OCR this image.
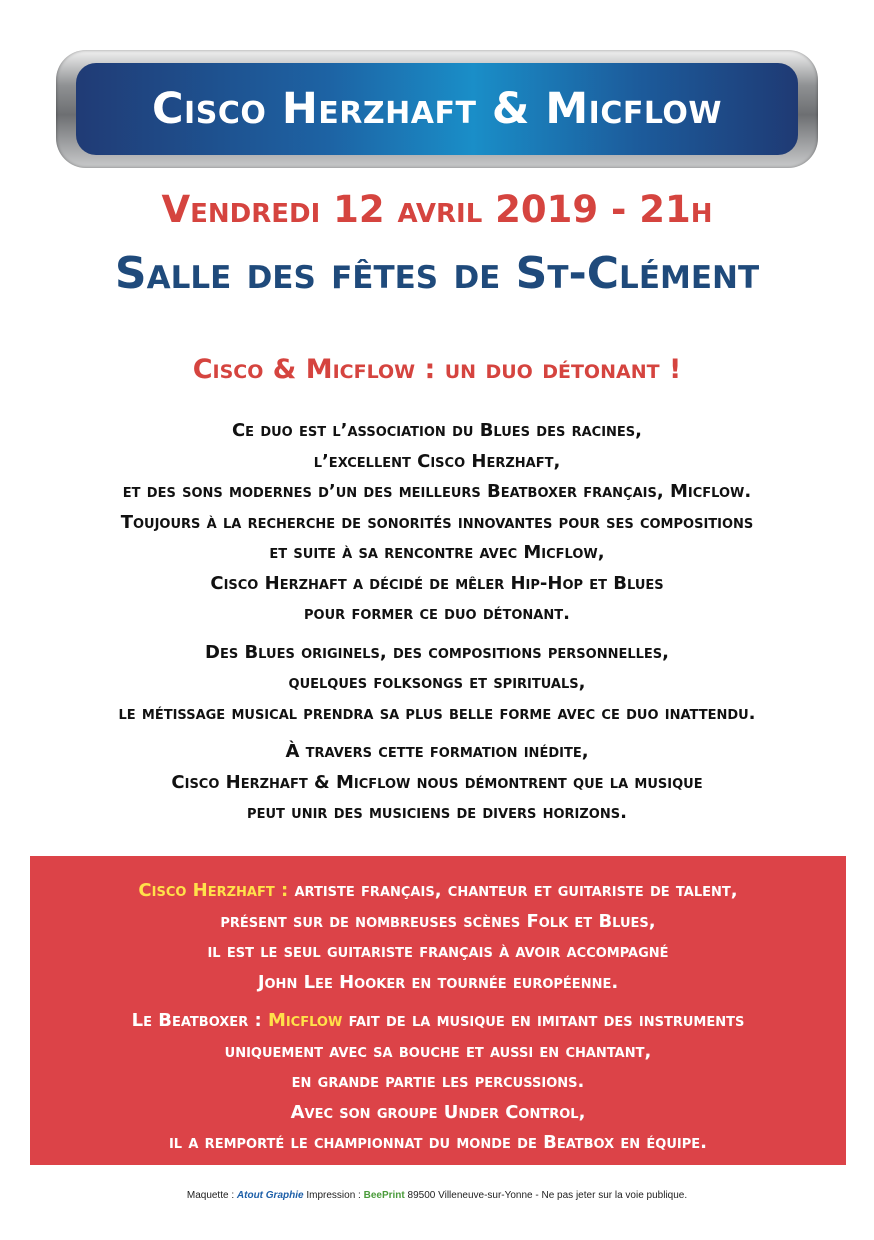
Cisco Herzhaft & Micflow
Vendredi 12 avril 2019 - 21h
Salle des fêtes de St-Clément
Cisco & Micflow : un duo détonant !
Ce duo est l’association du Blues des racines,
l’excellent Cisco Herzhaft,
et des sons modernes d’un des meilleurs Beatboxer français, Micflow.
Toujours à la recherche de sonorités innovantes pour ses compositions
et suite à sa rencontre avec Micflow,
Cisco Herzhaft a décidé de mêler Hip-Hop et Blues
pour former ce duo détonant.
Des Blues originels, des compositions personnelles,
quelques folksongs et spirituals,
le métissage musical prendra sa plus belle forme avec ce duo inattendu.
À travers cette formation inédite,
Cisco Herzhaft & Micflow nous démontrent que la musique
peut unir des musiciens de divers horizons.
Cisco Herzhaft : artiste français, chanteur et guitariste de talent,
présent sur de nombreuses scènes Folk et Blues,
il est le seul guitariste français à avoir accompagné
John Lee Hooker en tournée européenne.
Le Beatboxer : Micflow fait de la musique en imitant des instruments
uniquement avec sa bouche et aussi en chantant,
en grande partie les percussions.
Avec son groupe Under Control,
il a remporté le championnat du monde de Beatbox en équipe.
Maquette : Atout Graphie Impression : BeePrint 89500 Villeneuve-sur-Yonne - Ne pas jeter sur la voie publique.
